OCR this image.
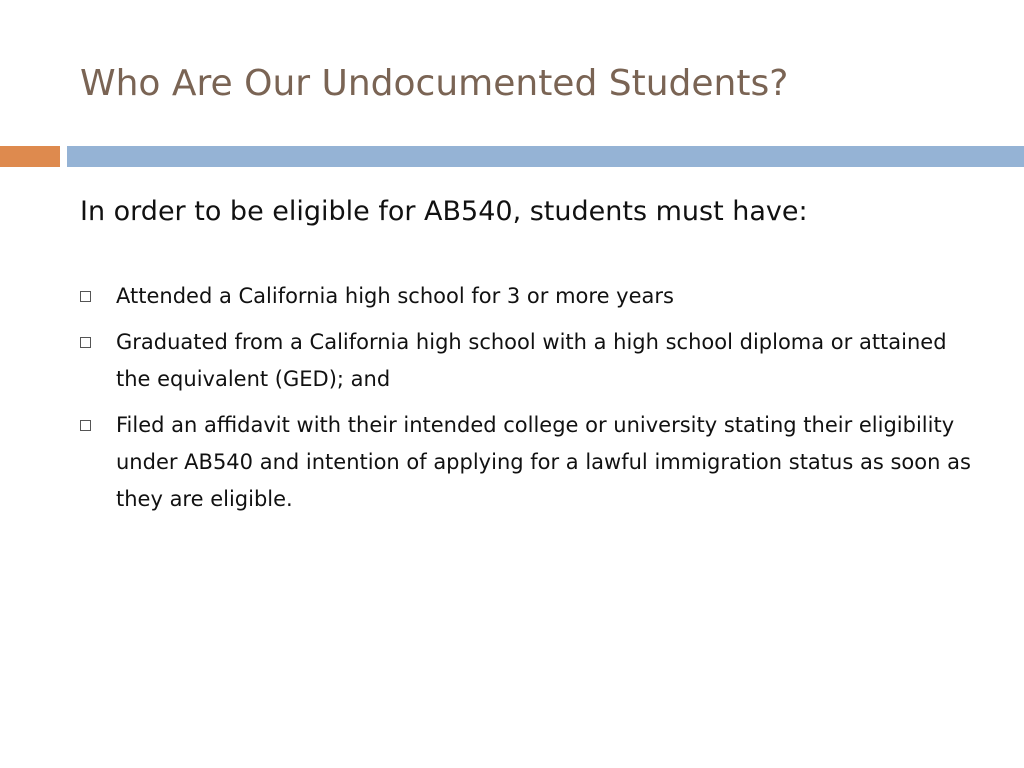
Who Are Our Undocumented Students?

In order to be eligible for AB540, students must have:

Attended a California high school for 3 or more years
Graduated from a California high school with a high school diploma or attained the equivalent (GED); and
Filed an affidavit with their intended college or university stating their eligibility under AB540 and intention of applying for a lawful immigration status as soon as they are eligible.
